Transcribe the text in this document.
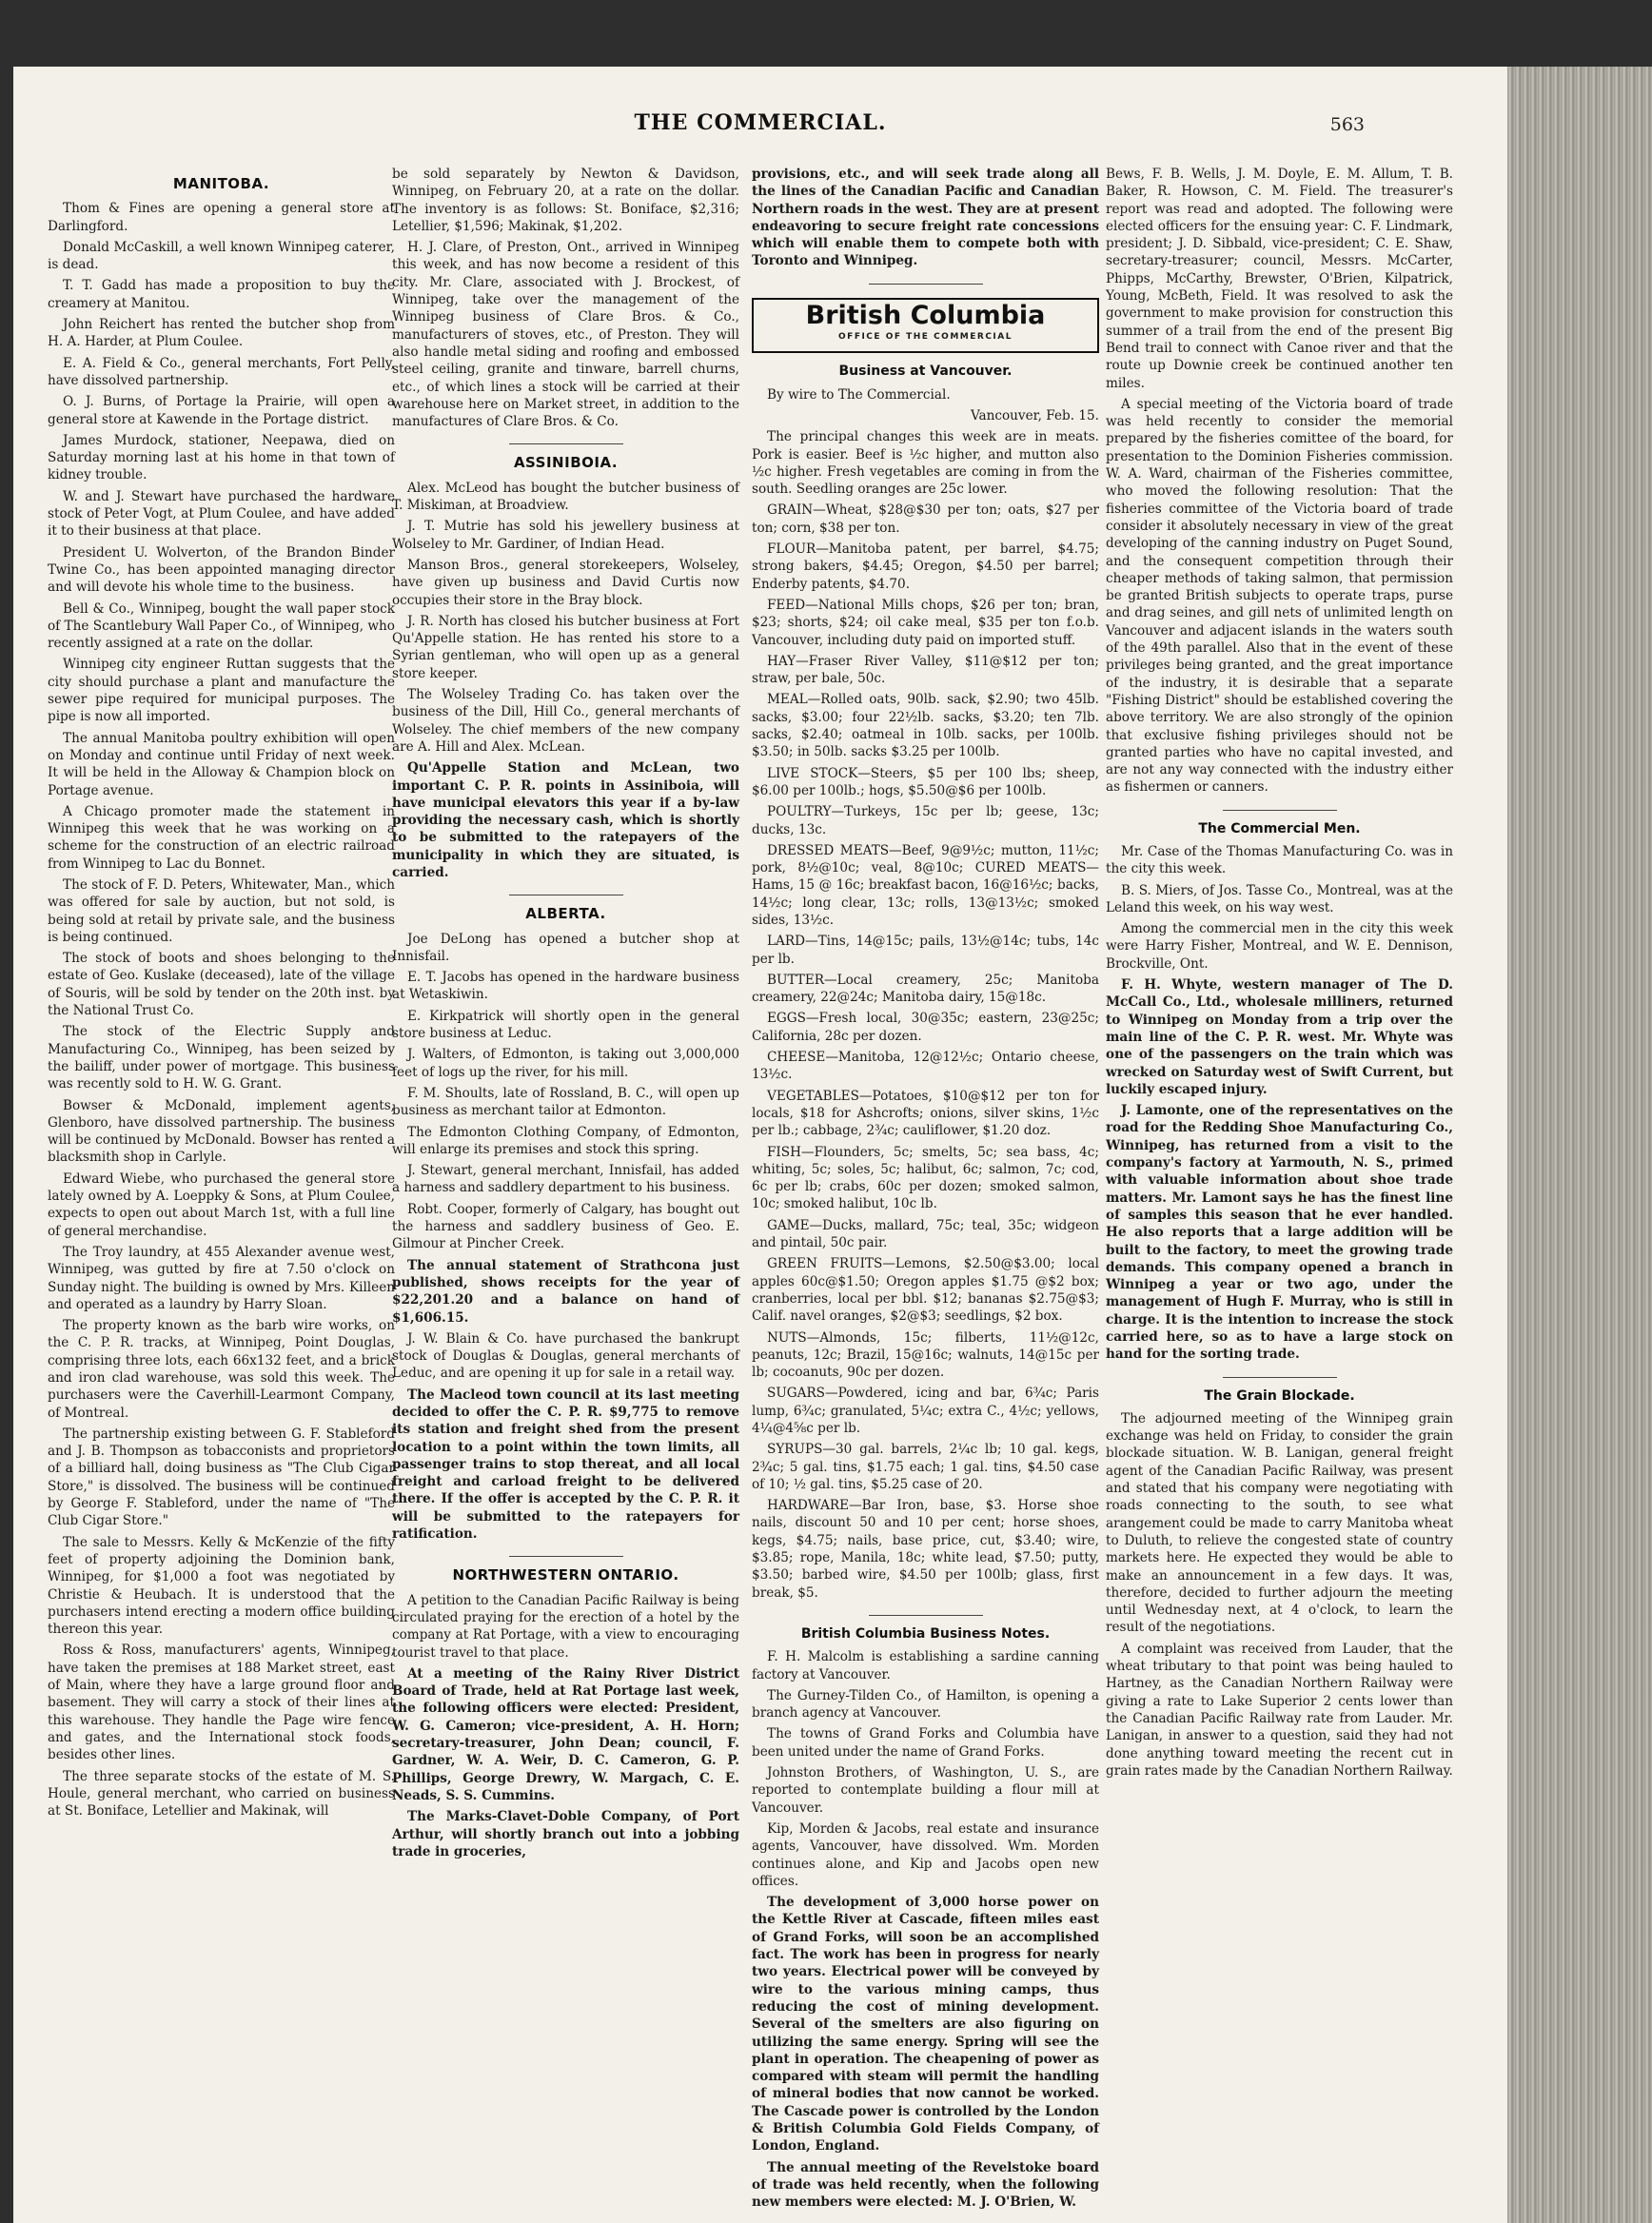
THE COMMERCIAL.	563
MANITOBA.

Thom & Fines are opening a general store at Darlingford.

Donald McCaskill, a well known Winnipeg caterer, is dead.

T. T. Gadd has made a proposition to buy the creamery at Manitou.

John Reichert has rented the butcher shop from H. A. Harder, at Plum Coulee.

E. A. Field & Co., general merchants, Fort Pelly, have dissolved partnership.

O. J. Burns, of Portage la Prairie, will open a general store at Kawende in the Portage district.

James Murdock, stationer, Neepawa, died on Saturday morning last at his home in that town of kidney trouble.

W. and J. Stewart have purchased the hardware stock of Peter Vogt, at Plum Coulee, and have added it to their business at that place.

President U. Wolverton, of the Brandon Binder Twine Co., has been appointed managing director and will devote his whole time to the business.

Bell & Co., Winnipeg, bought the wall paper stock of The Scantlebury Wall Paper Co., of Winnipeg, who recently assigned at a rate on the dollar.

Winnipeg city engineer Ruttan suggests that the city should purchase a plant and manufacture the sewer pipe required for municipal purposes. The pipe is now all imported.

The annual Manitoba poultry exhibition will open on Monday and continue until Friday of next week. It will be held in the Alloway & Champion block on Portage avenue.

A Chicago promoter made the statement in Winnipeg this week that he was working on a scheme for the construction of an electric railroad from Winnipeg to Lac du Bonnet.

The stock of F. D. Peters, Whitewater, Man., which was offered for sale by auction, but not sold, is being sold at retail by private sale, and the business is being continued.

The stock of boots and shoes belonging to the estate of Geo. Kuslake (deceased), late of the village of Souris, will be sold by tender on the 20th inst. by the National Trust Co.

The stock of the Electric Supply and Manufacturing Co., Winnipeg, has been seized by the bailiff, under power of mortgage. This business was recently sold to H. W. G. Grant.

Bowser & McDonald, implement agents, Glenboro, have dissolved partnership. The business will be continued by McDonald. Bowser has rented a blacksmith shop in Carlyle.

Edward Wiebe, who purchased the general store lately owned by A. Loeppky & Sons, at Plum Coulee, expects to open out about March 1st, with a full line of general merchandise.

The Troy laundry, at 455 Alexander avenue west, Winnipeg, was gutted by fire at 7.50 o'clock on Sunday night. The building is owned by Mrs. Killeen and operated as a laundry by Harry Sloan.

The property known as the barb wire works, on the C. P. R. tracks, at Winnipeg, Point Douglas, comprising three lots, each 66x132 feet, and a brick and iron clad warehouse, was sold this week. The purchasers were the Caverhill-Learmont Company, of Montreal.

The partnership existing between G. F. Stableford and J. B. Thompson as tobacconists and proprietors of a billiard hall, doing business as "The Club Cigar Store," is dissolved. The business will be continued by George F. Stableford, under the name of "The Club Cigar Store."

The sale to Messrs. Kelly & McKenzie of the fifty feet of property adjoining the Dominion bank, Winnipeg, for $1,000 a foot was negotiated by Christie & Heubach. It is understood that the purchasers intend erecting a modern office building thereon this year.

Ross & Ross, manufacturers' agents, Winnipeg, have taken the premises at 188 Market street, east of Main, where they have a large ground floor and basement. They will carry a stock of their lines at this warehouse. They handle the Page wire fence and gates, and the International stock foods, besides other lines.

The three separate stocks of the estate of M. S. Houle, general merchant, who carried on business at St. Boniface, Letellier and Makinak, will

be sold separately by Newton & Davidson, Winnipeg, on February 20, at a rate on the dollar. The inventory is as follows: St. Boniface, $2,316; Letellier, $1,596; Makinak, $1,202.

H. J. Clare, of Preston, Ont., arrived in Winnipeg this week, and has now become a resident of this city. Mr. Clare, associated with J. Brockest, of Winnipeg, take over the management of the Winnipeg business of Clare Bros. & Co., manufacturers of stoves, etc., of Preston. They will also handle metal siding and roofing and embossed steel ceiling, granite and tinware, barrell churns, etc., of which lines a stock will be carried at their warehouse here on Market street, in addition to the manufactures of Clare Bros. & Co.

ASSINIBOIA.

Alex. McLeod has bought the butcher business of T. Miskiman, at Broadview.

J. T. Mutrie has sold his jewellery business at Wolseley to Mr. Gardiner, of Indian Head.

Manson Bros., general storekeepers, Wolseley, have given up business and David Curtis now occupies their store in the Bray block.

J. R. North has closed his butcher business at Fort Qu'Appelle station. He has rented his store to a Syrian gentleman, who will open up as a general store keeper.

The Wolseley Trading Co. has taken over the business of the Dill, Hill Co., general merchants of Wolseley. The chief members of the new company are A. Hill and Alex. McLean.

Qu'Appelle Station and McLean, two important C. P. R. points in Assiniboia, will have municipal elevators this year if a by-law providing the necessary cash, which is shortly to be submitted to the ratepayers of the municipality in which they are situated, is carried.

ALBERTA.

Joe DeLong has opened a butcher shop at Innisfail.

E. T. Jacobs has opened in the hardware business at Wetaskiwin.

E. Kirkpatrick will shortly open in the general store business at Leduc.

J. Walters, of Edmonton, is taking out 3,000,000 feet of logs up the river, for his mill.

F. M. Shoults, late of Rossland, B. C., will open up business as merchant tailor at Edmonton.

The Edmonton Clothing Company, of Edmonton, will enlarge its premises and stock this spring.

J. Stewart, general merchant, Innisfail, has added a harness and saddlery department to his business.

Robt. Cooper, formerly of Calgary, has bought out the harness and saddlery business of Geo. E. Gilmour at Pincher Creek.

The annual statement of Strathcona just published, shows receipts for the year of $22,201.20 and a balance on hand of $1,606.15.

J. W. Blain & Co. have purchased the bankrupt stock of Douglas & Douglas, general merchants of Leduc, and are opening it up for sale in a retail way.

The Macleod town council at its last meeting decided to offer the C. P. R. $9,775 to remove its station and freight shed from the present location to a point within the town limits, all passenger trains to stop thereat, and all local freight and carload freight to be delivered there. If the offer is accepted by the C. P. R. it will be submitted to the ratepayers for ratification.

NORTHWESTERN ONTARIO.

A petition to the Canadian Pacific Railway is being circulated praying for the erection of a hotel by the company at Rat Portage, with a view to encouraging tourist travel to that place.

At a meeting of the Rainy River District Board of Trade, held at Rat Portage last week, the following officers were elected: President, W. G. Cameron; vice-president, A. H. Horn; secretary-treasurer, John Dean; council, F. Gardner, W. A. Weir, D. C. Cameron, G. P. Phillips, George Drewry, W. Margach, C. E. Neads, S. S. Cummins.

The Marks-Clavet-Doble Company, of Port Arthur, will shortly branch out into a jobbing trade in groceries,

provisions, etc., and will seek trade along all the lines of the Canadian Pacific and Canadian Northern roads in the west. They are at present endeavoring to secure freight rate concessions which will enable them to compete both with Toronto and Winnipeg.

British Columbia
OFFICE OF THE COMMERCIAL
Business at Vancouver.

By wire to The Commercial.

Vancouver, Feb. 15.

The principal changes this week are in meats. Pork is easier. Beef is ½c higher, and mutton also ½c higher. Fresh vegetables are coming in from the south. Seedling oranges are 25c lower.

GRAIN—Wheat, $28@$30 per ton; oats, $27 per ton; corn, $38 per ton.

FLOUR—Manitoba patent, per barrel, $4.75; strong bakers, $4.45; Oregon, $4.50 per barrel; Enderby patents, $4.70.

FEED—National Mills chops, $26 per ton; bran, $23; shorts, $24; oil cake meal, $35 per ton f.o.b. Vancouver, including duty paid on imported stuff.

HAY—Fraser River Valley, $11@$12 per ton; straw, per bale, 50c.

MEAL—Rolled oats, 90lb. sack, $2.90; two 45lb. sacks, $3.00; four 22½lb. sacks, $3.20; ten 7lb. sacks, $2.40; oatmeal in 10lb. sacks, per 100lb. $3.50; in 50lb. sacks $3.25 per 100lb.

LIVE STOCK—Steers, $5 per 100 lbs; sheep, $6.00 per 100lb.; hogs, $5.50@$6 per 100lb.

POULTRY—Turkeys, 15c per lb; geese, 13c; ducks, 13c.

DRESSED MEATS—Beef, 9@9½c; mutton, 11½c; pork, 8½@10c; veal, 8@10c; CURED MEATS—Hams, 15 @ 16c; breakfast bacon, 16@16½c; backs, 14½c; long clear, 13c; rolls, 13@13½c; smoked sides, 13½c.

LARD—Tins, 14@15c; pails, 13½@14c; tubs, 14c per lb.

BUTTER—Local creamery, 25c; Manitoba creamery, 22@24c; Manitoba dairy, 15@18c.

EGGS—Fresh local, 30@35c; eastern, 23@25c; California, 28c per dozen.

CHEESE—Manitoba, 12@12½c; Ontario cheese, 13½c.

VEGETABLES—Potatoes, $10@$12 per ton for locals, $18 for Ashcrofts; onions, silver skins, 1½c per lb.; cabbage, 2¾c; cauliflower, $1.20 doz.

FISH—Flounders, 5c; smelts, 5c; sea bass, 4c; whiting, 5c; soles, 5c; halibut, 6c; salmon, 7c; cod, 6c per lb; crabs, 60c per dozen; smoked salmon, 10c; smoked halibut, 10c lb.

GAME—Ducks, mallard, 75c; teal, 35c; widgeon and pintail, 50c pair.

GREEN FRUITS—Lemons, $2.50@$3.00; local apples 60c@$1.50; Oregon apples $1.75 @$2 box; cranberries, local per bbl. $12; bananas $2.75@$3; Calif. navel oranges, $2@$3; seedlings, $2 box.

NUTS—Almonds, 15c; filberts, 11½@12c, peanuts, 12c; Brazil, 15@16c; walnuts, 14@15c per lb; cocoanuts, 90c per dozen.

SUGARS—Powdered, icing and bar, 6¾c; Paris lump, 6¾c; granulated, 5¼c; extra C., 4½c; yellows, 4¼@4⅝c per lb.

SYRUPS—30 gal. barrels, 2¼c lb; 10 gal. kegs, 2¾c; 5 gal. tins, $1.75 each; 1 gal. tins, $4.50 case of 10; ½ gal. tins, $5.25 case of 20.

HARDWARE—Bar Iron, base, $3. Horse shoe nails, discount 50 and 10 per cent; horse shoes, kegs, $4.75; nails, base price, cut, $3.40; wire, $3.85; rope, Manila, 18c; white lead, $7.50; putty, $3.50; barbed wire, $4.50 per 100lb; glass, first break, $5.

British Columbia Business Notes.

F. H. Malcolm is establishing a sardine canning factory at Vancouver.

The Gurney-Tilden Co., of Hamilton, is opening a branch agency at Vancouver.

The towns of Grand Forks and Columbia have been united under the name of Grand Forks.

Johnston Brothers, of Washington, U. S., are reported to contemplate building a flour mill at Vancouver.

Kip, Morden & Jacobs, real estate and insurance agents, Vancouver, have dissolved. Wm. Morden continues alone, and Kip and Jacobs open new offices.

The development of 3,000 horse power on the Kettle River at Cascade, fifteen miles east of Grand Forks, will soon be an accomplished fact. The work has been in progress for nearly two years. Electrical power will be conveyed by wire to the various mining camps, thus reducing the cost of mining development. Several of the smelters are also figuring on utilizing the same energy. Spring will see the plant in operation. The cheapening of power as compared with steam will permit the handling of mineral bodies that now cannot be worked. The Cascade power is controlled by the London & British Columbia Gold Fields Company, of London, England.

The annual meeting of the Revelstoke board of trade was held recently, when the following new members were elected: M. J. O'Brien, W.

Bews, F. B. Wells, J. M. Doyle, E. M. Allum, T. B. Baker, R. Howson, C. M. Field. The treasurer's report was read and adopted. The following were elected officers for the ensuing year: C. F. Lindmark, president; J. D. Sibbald, vice-president; C. E. Shaw, secretary-treasurer; council, Messrs. McCarter, Phipps, McCarthy, Brewster, O'Brien, Kilpatrick, Young, McBeth, Field. It was resolved to ask the government to make provision for construction this summer of a trail from the end of the present Big Bend trail to connect with Canoe river and that the route up Downie creek be continued another ten miles.

A special meeting of the Victoria board of trade was held recently to consider the memorial prepared by the fisheries comittee of the board, for presentation to the Dominion Fisheries commission. W. A. Ward, chairman of the Fisheries committee, who moved the following resolution: That the fisheries committee of the Victoria board of trade consider it absolutely necessary in view of the great developing of the canning industry on Puget Sound, and the consequent competition through their cheaper methods of taking salmon, that permission be granted British subjects to operate traps, purse and drag seines, and gill nets of unlimited length on Vancouver and adjacent islands in the waters south of the 49th parallel. Also that in the event of these privileges being granted, and the great importance of the industry, it is desirable that a separate "Fishing District" should be established covering the above territory. We are also strongly of the opinion that exclusive fishing privileges should not be granted parties who have no capital invested, and are not any way connected with the industry either as fishermen or canners.

The Commercial Men.

Mr. Case of the Thomas Manufacturing Co. was in the city this week.

B. S. Miers, of Jos. Tasse Co., Montreal, was at the Leland this week, on his way west.

Among the commercial men in the city this week were Harry Fisher, Montreal, and W. E. Dennison, Brockville, Ont.

F. H. Whyte, western manager of The D. McCall Co., Ltd., wholesale milliners, returned to Winnipeg on Monday from a trip over the main line of the C. P. R. west. Mr. Whyte was one of the passengers on the train which was wrecked on Saturday west of Swift Current, but luckily escaped injury.

J. Lamonte, one of the representatives on the road for the Redding Shoe Manufacturing Co., Winnipeg, has returned from a visit to the company's factory at Yarmouth, N. S., primed with valuable information about shoe trade matters. Mr. Lamont says he has the finest line of samples this season that he ever handled. He also reports that a large addition will be built to the factory, to meet the growing trade demands. This company opened a branch in Winnipeg a year or two ago, under the management of Hugh F. Murray, who is still in charge. It is the intention to increase the stock carried here, so as to have a large stock on hand for the sorting trade.

The Grain Blockade.

The adjourned meeting of the Winnipeg grain exchange was held on Friday, to consider the grain blockade situation. W. B. Lanigan, general freight agent of the Canadian Pacific Railway, was present and stated that his company were negotiating with roads connecting to the south, to see what arangement could be made to carry Manitoba wheat to Duluth, to relieve the congested state of country markets here. He expected they would be able to make an announcement in a few days. It was, therefore, decided to further adjourn the meeting until Wednesday next, at 4 o'clock, to learn the result of the negotiations.

A complaint was received from Lauder, that the wheat tributary to that point was being hauled to Hartney, as the Canadian Northern Railway were giving a rate to Lake Superior 2 cents lower than the Canadian Pacific Railway rate from Lauder. Mr. Lanigan, in answer to a question, said they had not done anything toward meeting the recent cut in grain rates made by the Canadian Northern Railway.
